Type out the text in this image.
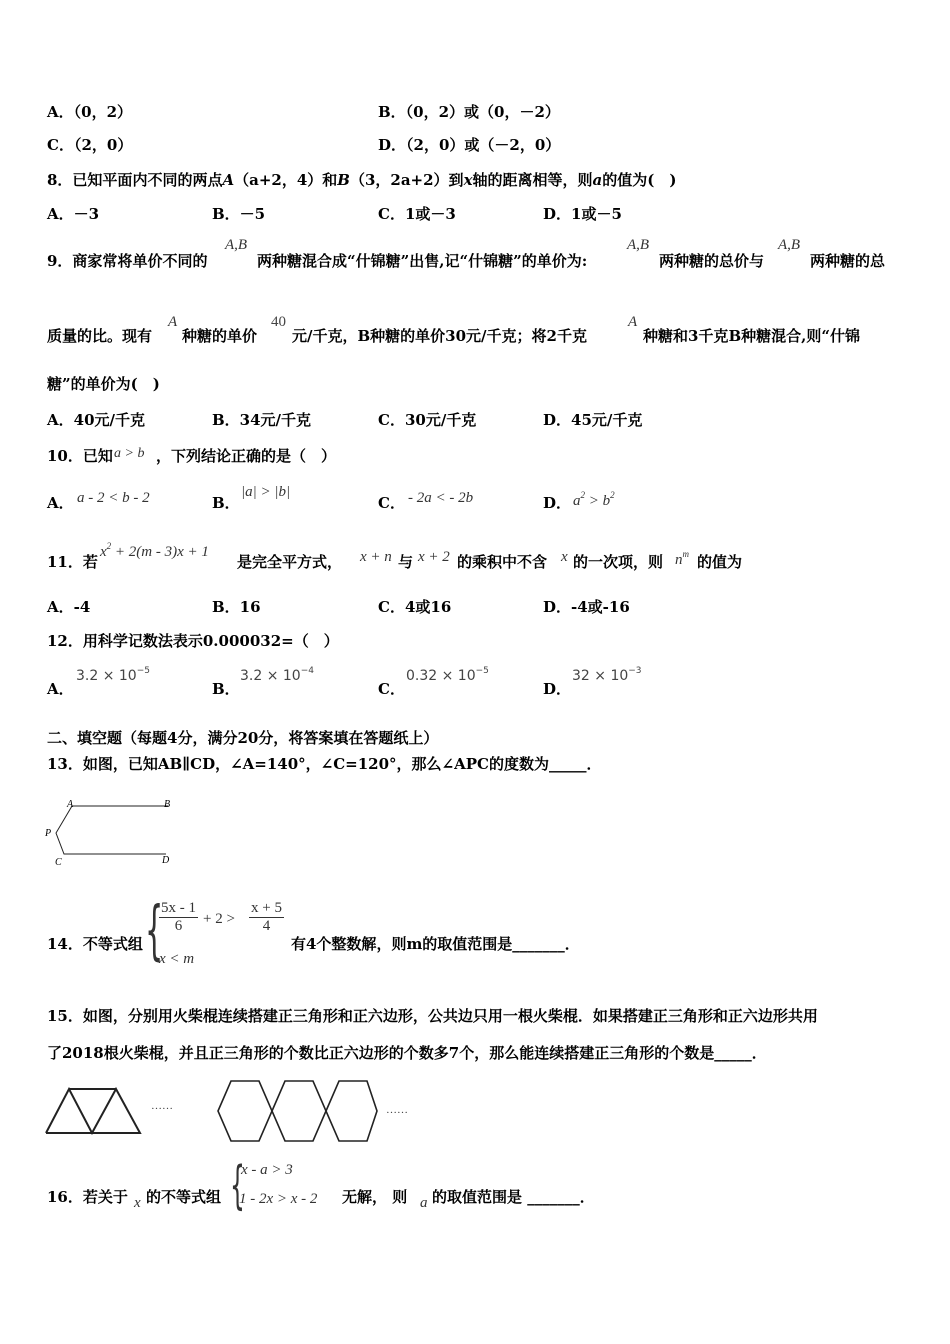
A．（0，2）	B．（0，2）或（0，－2）
C．（2，0）	D．（2，0）或（－2，0）
8．已知平面内不同的两点A（a+2，4）和B（3，2a+2）到x轴的距离相等，则a的值为(　)
A．－3	B．－5	C．1或－3	D．1或－5
9．商家常将单价不同的
A,B
两种糖混合成“什锦糖”出售,记“什锦糖”的单价为:
A,B
两种糖的总价与
A,B
两种糖的总
质量的比。现有
A
种糖的单价
40
元/千克，B种糖的单价30元/千克；将2千克
A
种糖和3千克B种糖混合,则“什锦
糖”的单价为(　)
A．40元/千克	B．34元/千克	C．30元/千克	D．45元/千克
10．已知 a > b ，下列结论正确的是（　）
A． a - 2 < b - 2	B．
|a| > |b|
C． - 2a < - 2b	D． $a^2 > b^2$
11．若
$x^2 + 2(m - 3)x + 1$
是完全平方式， x + n 与 x + 2 的乘积中不含 x 的一次项，则 $n^m$ 的值为
A．-4	B．16	C．4或16	D．-4或-16
12．用科学记数法表示0.000032=（　）
A．
$3.2 \times 10^{-5}$
B．
$3.2 \times 10^{-4}$
C．
$0.32 \times 10^{-5}$
D．
$32 \times 10^{-3}$
二、填空题（每题4分，满分20分，将答案填在答题纸上）
13．如图，已知AB∥CD，∠A=140°，∠C=120°，那么∠APC的度数为_____．
A	B
P
C	D
14．不等式组 {
$\frac{5x - 1}{6} + 2 > \frac{x + 5}{4}$
x < m
有4个整数解，则m的取值范围是_______．
15．如图，分别用火柴棍连续搭建正三角形和正六边形，公共边只用一根火柴棍．如果搭建正三角形和正六边形共用
了2018根火柴棍，并且正三角形的个数比正六边形的个数多7个，那么能连续搭建正三角形的个数是_____．
……	……
16．若关于 x 的不等式组 {
x - a > 3
1 - 2x > x - 2 无解， 则 a 的取值范围是 _______．
